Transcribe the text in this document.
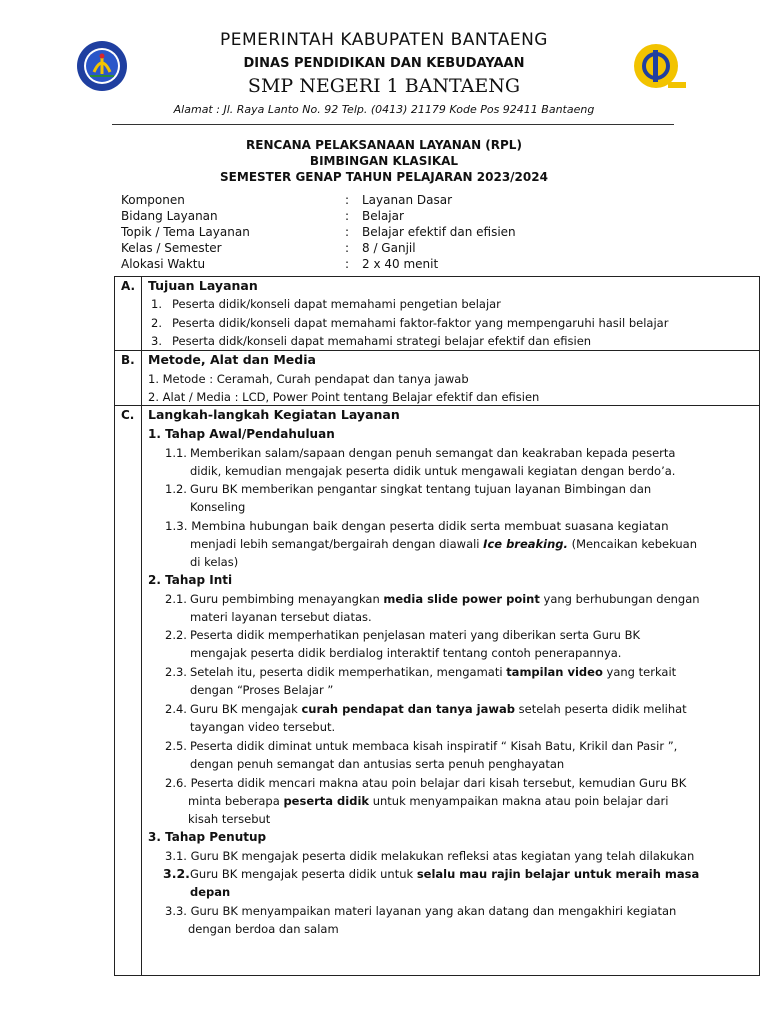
PEMERINTAH KABUPATEN BANTAENG
DINAS PENDIDIKAN DAN KEBUDAYAAN
SMP NEGERI 1 BANTAENG
Alamat : Jl. Raya Lanto No. 92 Telp. (0413) 21179 Kode Pos 92411 Bantaeng
RENCANA PELAKSANAAN LAYANAN (RPL)
BIMBINGAN KLASIKAL
SEMESTER GENAP TAHUN PELAJARAN 2023/2024
Komponen	: Layanan Dasar
Bidang Layanan	: Belajar
Topik / Tema Layanan	: Belajar efektif dan efisien
Kelas / Semester	: 8 / Ganjil
Alokasi Waktu	: 2 x 40 menit
A. Tujuan Layanan
1. Peserta didik/konseli dapat memahami pengetian belajar
2. Peserta didik/konseli dapat memahami faktor-faktor yang mempengaruhi hasil belajar
3. Peserta didk/konseli dapat memahami strategi belajar efektif dan efisien
B. Metode, Alat dan Media
1. Metode : Ceramah, Curah pendapat dan tanya jawab
2. Alat / Media : LCD, Power Point tentang Belajar efektif dan efisien
C. Langkah-langkah Kegiatan Layanan
1. Tahap Awal/Pendahuluan
1.1. Memberikan salam/sapaan dengan penuh semangat dan keakraban kepada peserta
didik, kemudian mengajak peserta didik untuk mengawali kegiatan dengan berdo’a.
1.2. Guru BK memberikan pengantar singkat tentang tujuan layanan Bimbingan dan
Konseling
1.3. Membina hubungan baik dengan peserta didik serta membuat suasana kegiatan
menjadi lebih semangat/bergairah dengan diawali Ice breaking. (Mencaikan kebekuan
di kelas)
2. Tahap Inti
2.1. Guru pembimbing menayangkan media slide power point yang berhubungan dengan
materi layanan tersebut diatas.
2.2. Peserta didik memperhatikan penjelasan materi yang diberikan serta Guru BK
mengajak peserta didik berdialog interaktif tentang contoh penerapannya.
2.3. Setelah itu, peserta didik memperhatikan, mengamati tampilan video yang terkait
dengan “Proses Belajar ”
2.4. Guru BK mengajak curah pendapat dan tanya jawab setelah peserta didik melihat
tayangan video tersebut.
2.5. Peserta didik diminat untuk membaca kisah inspiratif “ Kisah Batu, Krikil dan Pasir ”,
dengan penuh semangat dan antusias serta penuh penghayatan
2.6. Peserta didik mencari makna atau poin belajar dari kisah tersebut, kemudian Guru BK
minta beberapa peserta didik untuk menyampaikan makna atau poin belajar dari
kisah tersebut
3. Tahap Penutup
3.1. Guru BK mengajak peserta didik melakukan refleksi atas kegiatan yang telah dilakukan
3.2. Guru BK mengajak peserta didik untuk selalu mau rajin belajar untuk meraih masa
depan
3.3. Guru BK menyampaikan materi layanan yang akan datang dan mengakhiri kegiatan
dengan berdoa dan salam
